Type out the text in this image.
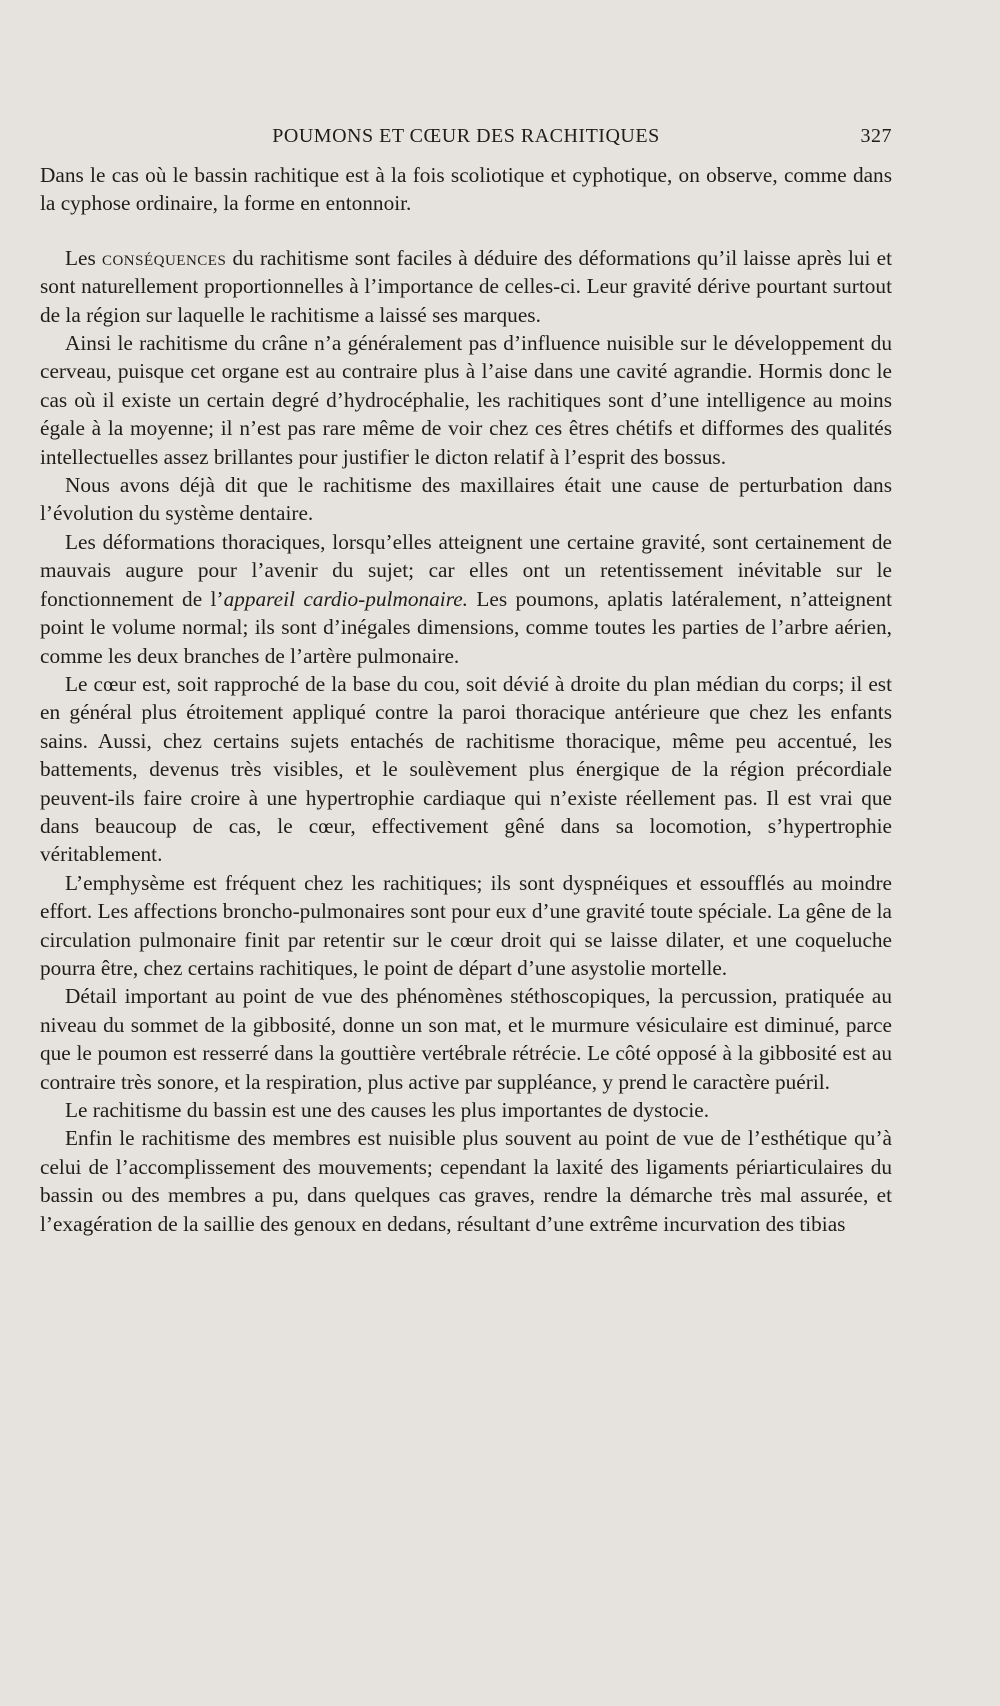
POUMONS ET CŒUR DES RACHITIQUES	327

Dans le cas où le bassin rachitique est à la fois scoliotique et cyphotique, on observe, comme dans la cyphose ordinaire, la forme en entonnoir.

Les conséquences du rachitisme sont faciles à déduire des déformations qu’il laisse après lui et sont naturellement proportionnelles à l’importance de celles-ci. Leur gravité dérive pourtant surtout de la région sur laquelle le rachitisme a laissé ses marques.

Ainsi le rachitisme du crâne n’a généralement pas d’influence nuisible sur le développement du cerveau, puisque cet organe est au contraire plus à l’aise dans une cavité agrandie. Hormis donc le cas où il existe un certain degré d’hydrocéphalie, les rachitiques sont d’une intelligence au moins égale à la moyenne; il n’est pas rare même de voir chez ces êtres chétifs et difformes des qualités intellectuelles assez brillantes pour justifier le dicton relatif à l’esprit des bossus.

Nous avons déjà dit que le rachitisme des maxillaires était une cause de perturbation dans l’évolution du système dentaire.

Les déformations thoraciques, lorsqu’elles atteignent une certaine gravité, sont certainement de mauvais augure pour l’avenir du sujet; car elles ont un retentissement inévitable sur le fonctionnement de l’appareil cardio-pulmonaire. Les poumons, aplatis latéralement, n’atteignent point le volume normal; ils sont d’inégales dimensions, comme toutes les parties de l’arbre aérien, comme les deux branches de l’artère pulmonaire.

Le cœur est, soit rapproché de la base du cou, soit dévié à droite du plan médian du corps; il est en général plus étroitement appliqué contre la paroi thoracique antérieure que chez les enfants sains. Aussi, chez certains sujets entachés de rachitisme thoracique, même peu accentué, les battements, devenus très visibles, et le soulèvement plus énergique de la région précordiale peuvent-ils faire croire à une hypertrophie cardiaque qui n’existe réellement pas. Il est vrai que dans beaucoup de cas, le cœur, effectivement gêné dans sa locomotion, s’hypertrophie véritablement.

L’emphysème est fréquent chez les rachitiques; ils sont dyspnéiques et essoufflés au moindre effort. Les affections broncho-pulmonaires sont pour eux d’une gravité toute spéciale. La gêne de la circulation pulmonaire finit par retentir sur le cœur droit qui se laisse dilater, et une coqueluche pourra être, chez certains rachitiques, le point de départ d’une asystolie mortelle.

Détail important au point de vue des phénomènes stéthoscopiques, la percussion, pratiquée au niveau du sommet de la gibbosité, donne un son mat, et le murmure vésiculaire est diminué, parce que le poumon est resserré dans la gouttière vertébrale rétrécie. Le côté opposé à la gibbosité est au contraire très sonore, et la respiration, plus active par suppléance, y prend le caractère puéril.

Le rachitisme du bassin est une des causes les plus importantes de dystocie.

Enfin le rachitisme des membres est nuisible plus souvent au point de vue de l’esthétique qu’à celui de l’accomplissement des mouvements; cependant la laxité des ligaments périarticulaires du bassin ou des membres a pu, dans quelques cas graves, rendre la démarche très mal assurée, et l’exagération de la saillie des genoux en dedans, résultant d’une extrême incurvation des tibias
